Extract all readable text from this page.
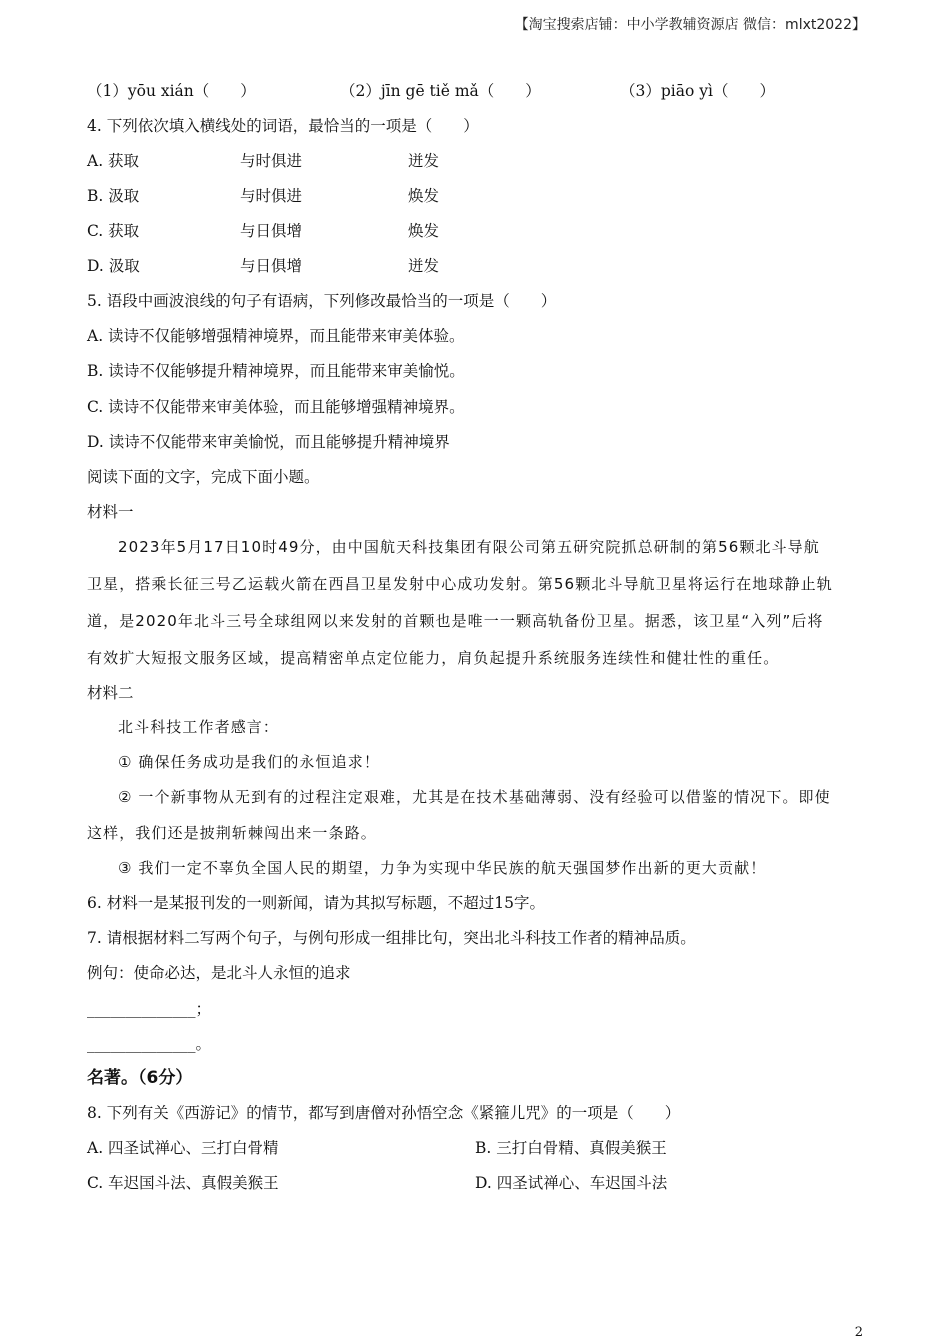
【淘宝搜索店铺：中小学教辅资源店 微信：mlxt2022】
（1）yōu xián（　　）	（2）jīn gē tiě mǎ（　　）	（3）piāo yì（　　）
4. 下列依次填入横线处的词语，最恰当的一项是（　　）
A. 获取	与时俱进	迸发
B. 汲取	与时俱进	焕发
C. 获取	与日俱增	焕发
D. 汲取	与日俱增	迸发
5. 语段中画波浪线的句子有语病，下列修改最恰当的一项是（　　）
A. 读诗不仅能够增强精神境界，而且能带来审美体验。
B. 读诗不仅能够提升精神境界，而且能带来审美愉悦。
C. 读诗不仅能带来审美体验，而且能够增强精神境界。
D. 读诗不仅能带来审美愉悦，而且能够提升精神境界
阅读下面的文字，完成下面小题。
材料一
2023年5月17日10时49分，由中国航天科技集团有限公司第五研究院抓总研制的第56颗北斗导航
卫星，搭乘长征三号乙运载火箭在西昌卫星发射中心成功发射。第56颗北斗导航卫星将运行在地球静止轨
道，是2020年北斗三号全球组网以来发射的首颗也是唯一一颗高轨备份卫星。据悉，该卫星“入列”后将
有效扩大短报文服务区域，提高精密单点定位能力，肩负起提升系统服务连续性和健壮性的重任。
材料二
北斗科技工作者感言：
① 确保任务成功是我们的永恒追求！
② 一个新事物从无到有的过程注定艰难，尤其是在技术基础薄弱、没有经验可以借鉴的情况下。即使
这样，我们还是披荆斩棘闯出来一条路。
③ 我们一定不辜负全国人民的期望，力争为实现中华民族的航天强国梦作出新的更大贡献！
6. 材料一是某报刊发的一则新闻，请为其拟写标题，不超过15字。
7. 请根据材料二写两个句子，与例句形成一组排比句，突出北斗科技工作者的精神品质。
例句：使命必达，是北斗人永恒的追求
______________；
______________。
名著。（6分）
8. 下列有关《西游记》的情节，都写到唐僧对孙悟空念《紧箍儿咒》的一项是（　　）
A. 四圣试禅心、三打白骨精	B. 三打白骨精、真假美猴王
C. 车迟国斗法、真假美猴王	D. 四圣试禅心、车迟国斗法
2
